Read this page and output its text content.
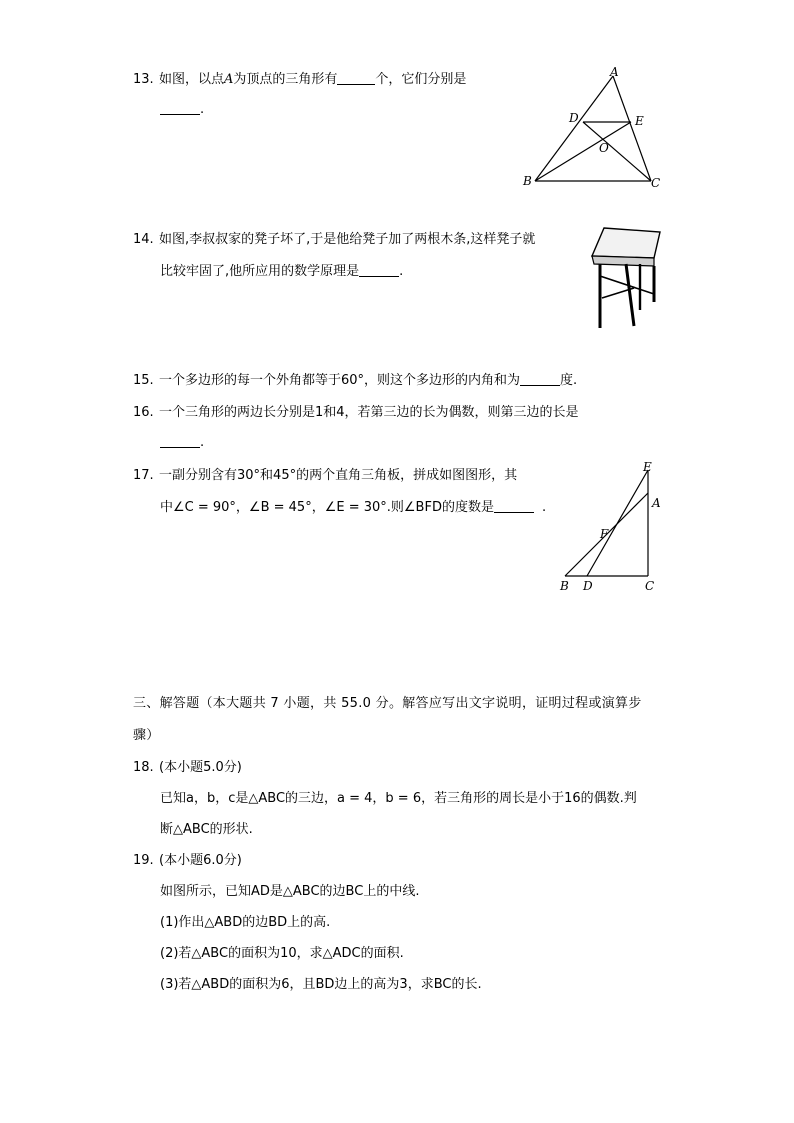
13. 如图，以点A为顶点的三角形有	个，它们分别是
.
A
D	E
O
B	C
14. 如图,李叔叔家的凳子坏了,于是他给凳子加了两根木条,这样凳子就
比较牢固了,他所应用的数学原理是	.
15. 一个多边形的每一个外角都等于60°，则这个多边形的内角和为	度.
16. 一个三角形的两边长分别是1和4，若第三边的长为偶数，则第三边的长是
.
17. 一副分别含有30°和45°的两个直角三角板，拼成如图图形，其
中∠C = 90°，∠B = 45°，∠E = 30°.则∠BFD的度数是	.
E
A
F
B D	C
三、解答题（本大题共 7 小题，共 55.0 分。解答应写出文字说明，证明过程或演算步
骤）
18. (本小题5.0分)
已知a，b，c是△ABC的三边，a = 4，b = 6，若三角形的周长是小于16的偶数.判
断△ABC的形状.
19. (本小题6.0分)
如图所示，已知AD是△ABC的边BC上的中线.
(1)作出△ABD的边BD上的高.
(2)若△ABC的面积为10，求△ADC的面积.
(3)若△ABD的面积为6，且BD边上的高为3，求BC的长.
